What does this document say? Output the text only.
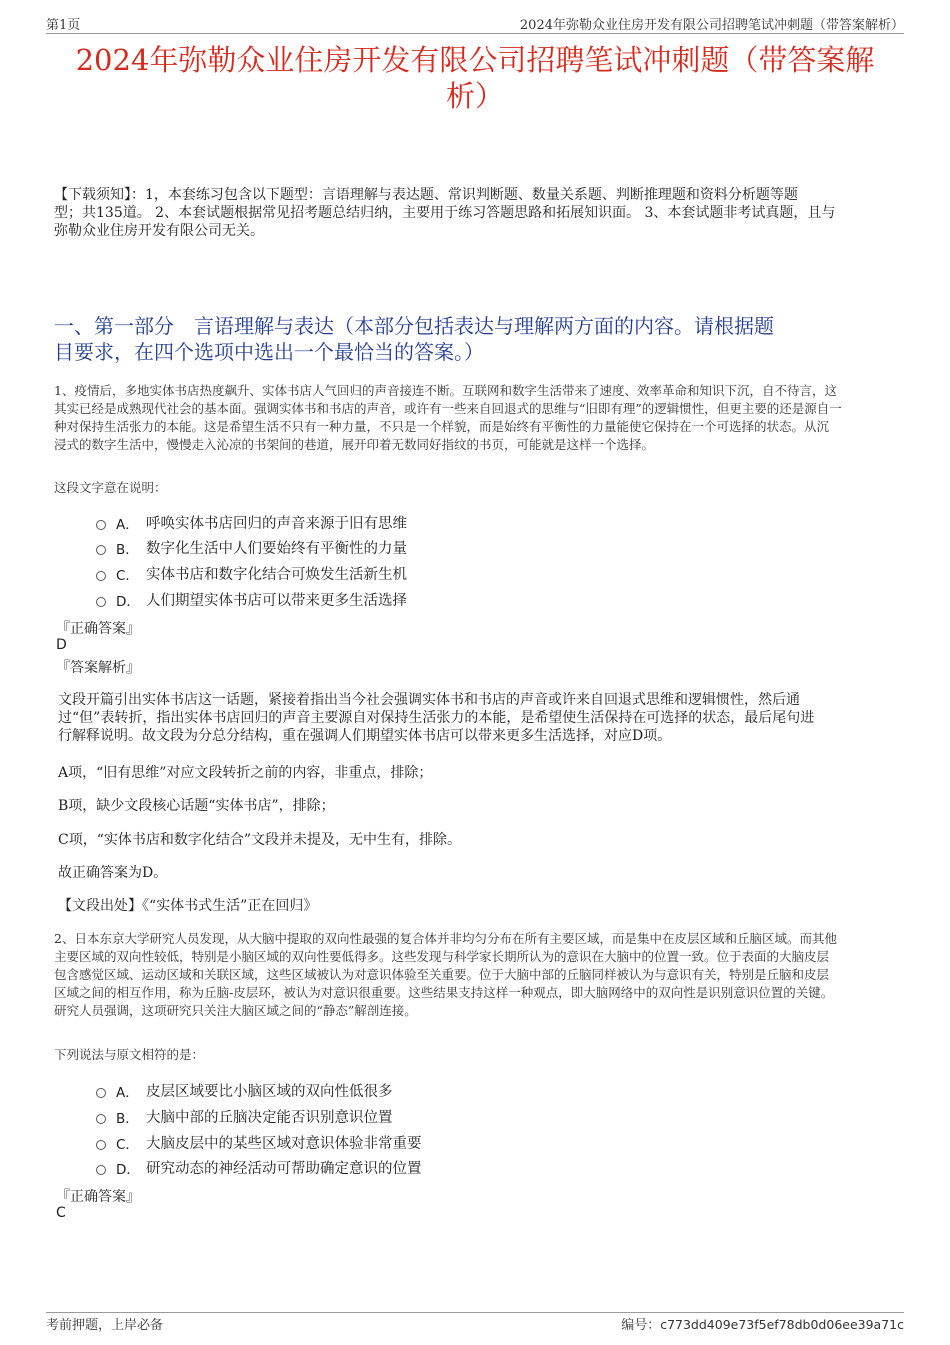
第1页	2024年弥勒众业住房开发有限公司招聘笔试冲刺题（带答案解析）
2024年弥勒众业住房开发有限公司招聘笔试冲刺题（带答案解
析）
【下载须知】：1，本套练习包含以下题型：言语理解与表达题、常识判断题、数量关系题、判断推理题和资料分析题等题
型；共135道。 2、本套试题根据常见招考题总结归纳，主要用于练习答题思路和拓展知识面。 3、本套试题非考试真题，且与
弥勒众业住房开发有限公司无关。
一、第一部分　言语理解与表达（本部分包括表达与理解两方面的内容。请根据题
目要求，在四个选项中选出一个最恰当的答案。）
1、疫情后，多地实体书店热度飙升、实体书店人气回归的声音接连不断。互联网和数字生活带来了速度、效率革命和知识下沉，自不待言，这
其实已经是成熟现代社会的基本面。强调实体书和书店的声音，或许有一些来自回退式的思维与“旧即有理”的逻辑惯性，但更主要的还是源自一
种对保持生活张力的本能。这是希望生活不只有一种力量，不只是一个样貌，而是始终有平衡性的力量能使它保持在一个可选择的状态。从沉
浸式的数字生活中，慢慢走入沁凉的书架间的巷道，展开印着无数同好指纹的书页，可能就是这样一个选择。
这段文字意在说明：
A． 呼唤实体书店回归的声音来源于旧有思维
B． 数字化生活中人们要始终有平衡性的力量
C． 实体书店和数字化结合可焕发生活新生机
D． 人们期望实体书店可以带来更多生活选择
『正确答案』
D
『答案解析』
文段开篇引出实体书店这一话题，紧接着指出当今社会强调实体书和书店的声音或许来自回退式思维和逻辑惯性，然后通
过“但”表转折，指出实体书店回归的声音主要源自对保持生活张力的本能，是希望使生活保持在可选择的状态，最后尾句进
行解释说明。故文段为分总分结构，重在强调人们期望实体书店可以带来更多生活选择，对应D项。
A项，“旧有思维”对应文段转折之前的内容，非重点，排除；
B项，缺少文段核心话题“实体书店”，排除；
C项，“实体书店和数字化结合”文段并未提及，无中生有，排除。
故正确答案为D。
【文段出处】《“实体书式生活”正在回归》
2、日本东京大学研究人员发现，从大脑中提取的双向性最强的复合体并非均匀分布在所有主要区域，而是集中在皮层区域和丘脑区域。而其他
主要区域的双向性较低，特别是小脑区域的双向性要低得多。这些发现与科学家长期所认为的意识在大脑中的位置一致。位于表面的大脑皮层
包含感觉区域、运动区域和关联区域，这些区域被认为对意识体验至关重要。位于大脑中部的丘脑同样被认为与意识有关，特别是丘脑和皮层
区域之间的相互作用，称为丘脑-皮层环，被认为对意识很重要。这些结果支持这样一种观点，即大脑网络中的双向性是识别意识位置的关键。
研究人员强调，这项研究只关注大脑区域之间的“静态”解剖连接。
下列说法与原文相符的是：
A． 皮层区域要比小脑区域的双向性低很多
B． 大脑中部的丘脑决定能否识别意识位置
C． 大脑皮层中的某些区域对意识体验非常重要
D． 研究动态的神经活动可帮助确定意识的位置
『正确答案』
C
考前押题，上岸必备	编号：c773dd409e73f5ef78db0d06ee39a71c
